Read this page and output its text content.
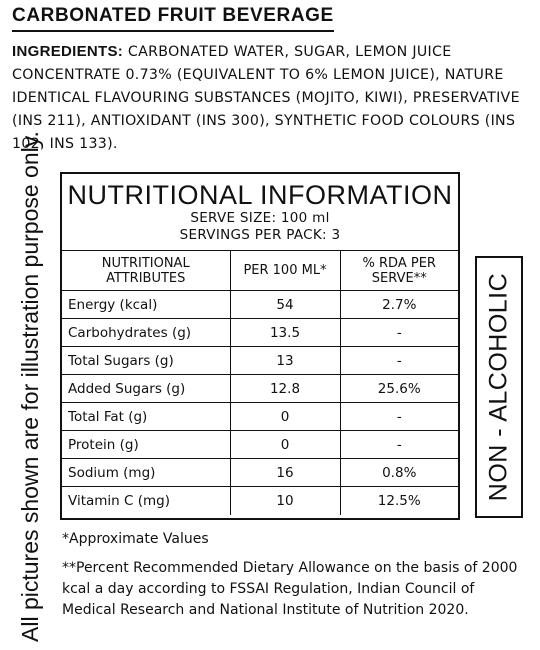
CARBONATED FRUIT BEVERAGE
INGREDIENTS: CARBONATED WATER, SUGAR, LEMON JUICE CONCENTRATE 0.73% (EQUIVALENT TO 6% LEMON JUICE), NATURE IDENTICAL FLAVOURING SUBSTANCES (MOJITO, KIWI), PRESERVATIVE (INS 211), ANTIOXIDANT (INS 300), SYNTHETIC FOOD COLOURS (INS 102, INS 133).
All pictures shown are for illustration purpose only. NUTRITIONAL INFORMATION
SERVE SIZE: 100 ml
SERVINGS PER PACK: 3
NUTRITIONAL ATTRIBUTES	PER 100 ML*	% RDA PER SERVE**
Energy (kcal)	54	2.7%
Carbohydrates (g)	13.5	-
Total Sugars (g)	13	-
Added Sugars (g)	12.8	25.6%
Total Fat (g)	0	-
Protein (g)	0	-
Sodium (mg)	16	0.8%
Vitamin C (mg)	10	12.5%	NON - ALCOHOLIC
*Approximate Values
**Percent Recommended Dietary Allowance on the basis of 2000 kcal a day according to FSSAI Regulation, Indian Council of Medical Research and National Institute of Nutrition 2020.
